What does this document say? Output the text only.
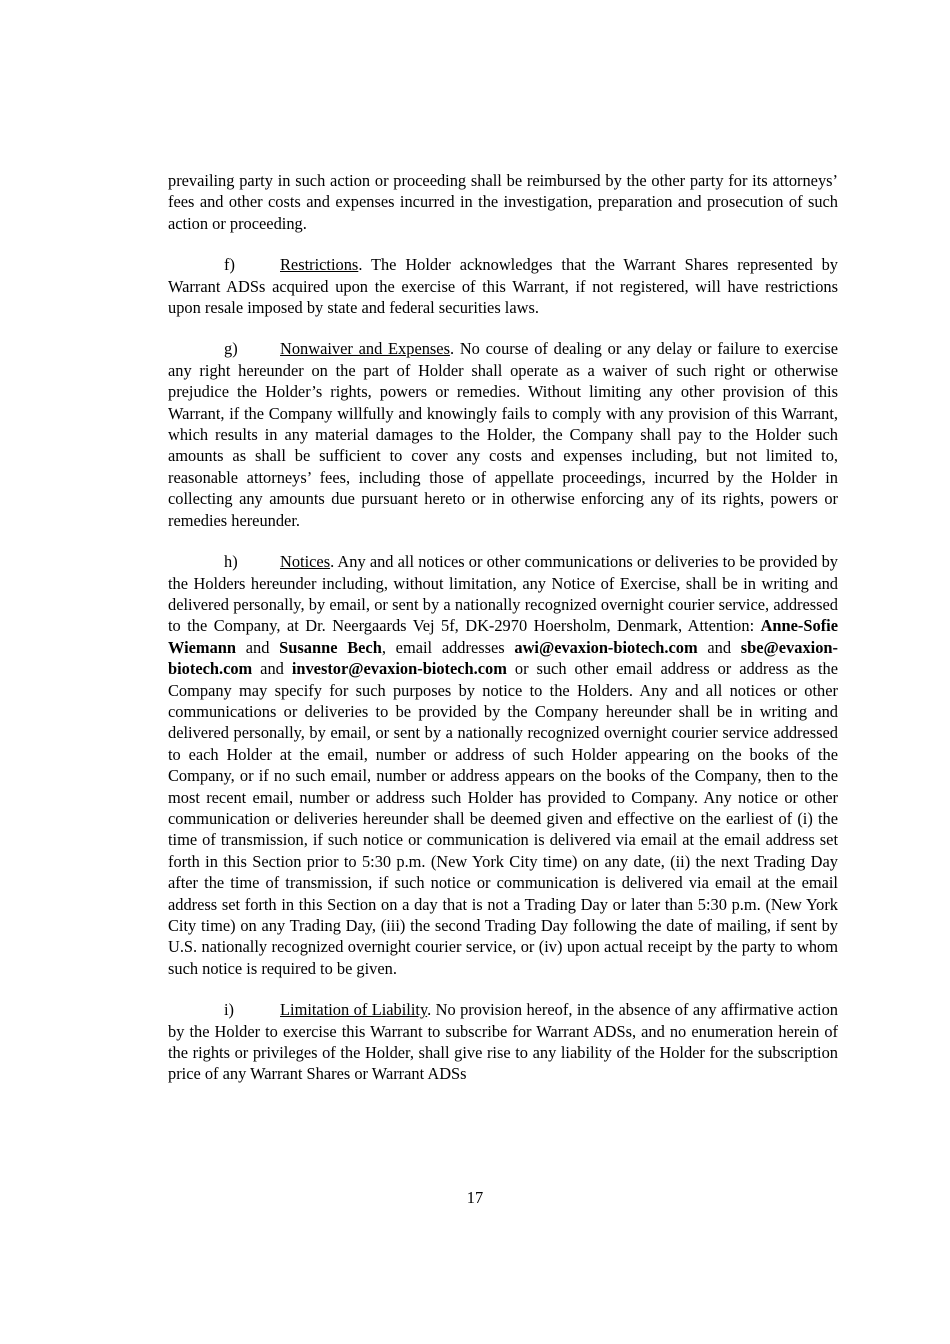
prevailing party in such action or proceeding shall be reimbursed by the other party for its attorneys’ fees and other costs and expenses incurred in the investigation, preparation and prosecution of such action or proceeding.

f)	Restrictions. The Holder acknowledges that the Warrant Shares represented by Warrant ADSs acquired upon the exercise of this Warrant, if not registered, will have restrictions upon resale imposed by state and federal securities laws.

g)	Nonwaiver and Expenses. No course of dealing or any delay or failure to exercise any right hereunder on the part of Holder shall operate as a waiver of such right or otherwise prejudice the Holder’s rights, powers or remedies. Without limiting any other provision of this Warrant, if the Company willfully and knowingly fails to comply with any provision of this Warrant, which results in any material damages to the Holder, the Company shall pay to the Holder such amounts as shall be sufficient to cover any costs and expenses including, but not limited to, reasonable attorneys’ fees, including those of appellate proceedings, incurred by the Holder in collecting any amounts due pursuant hereto or in otherwise enforcing any of its rights, powers or remedies hereunder.

h)	Notices. Any and all notices or other communications or deliveries to be provided by the Holders hereunder including, without limitation, any Notice of Exercise, shall be in writing and delivered personally, by email, or sent by a nationally recognized overnight courier service, addressed to the Company, at Dr. Neergaards Vej 5f, DK-2970 Hoersholm, Denmark, Attention: Anne-Sofie Wiemann and Susanne Bech, email addresses awi@evaxion-biotech.com and sbe@evaxion-biotech.com and investor@evaxion-biotech.com or such other email address or address as the Company may specify for such purposes by notice to the Holders. Any and all notices or other communications or deliveries to be provided by the Company hereunder shall be in writing and delivered personally, by email, or sent by a nationally recognized overnight courier service addressed to each Holder at the email, number or address of such Holder appearing on the books of the Company, or if no such email, number or address appears on the books of the Company, then to the most recent email, number or address such Holder has provided to Company. Any notice or other communication or deliveries hereunder shall be deemed given and effective on the earliest of (i) the time of transmission, if such notice or communication is delivered via email at the email address set forth in this Section prior to 5:30 p.m. (New York City time) on any date, (ii) the next Trading Day after the time of transmission, if such notice or communication is delivered via email at the email address set forth in this Section on a day that is not a Trading Day or later than 5:30 p.m. (New York City time) on any Trading Day, (iii) the second Trading Day following the date of mailing, if sent by U.S. nationally recognized overnight courier service, or (iv) upon actual receipt by the party to whom such notice is required to be given.

i)	Limitation of Liability. No provision hereof, in the absence of any affirmative action by the Holder to exercise this Warrant to subscribe for Warrant ADSs, and no enumeration herein of the rights or privileges of the Holder, shall give rise to any liability of the Holder for the subscription price of any Warrant Shares or Warrant ADSs

17
